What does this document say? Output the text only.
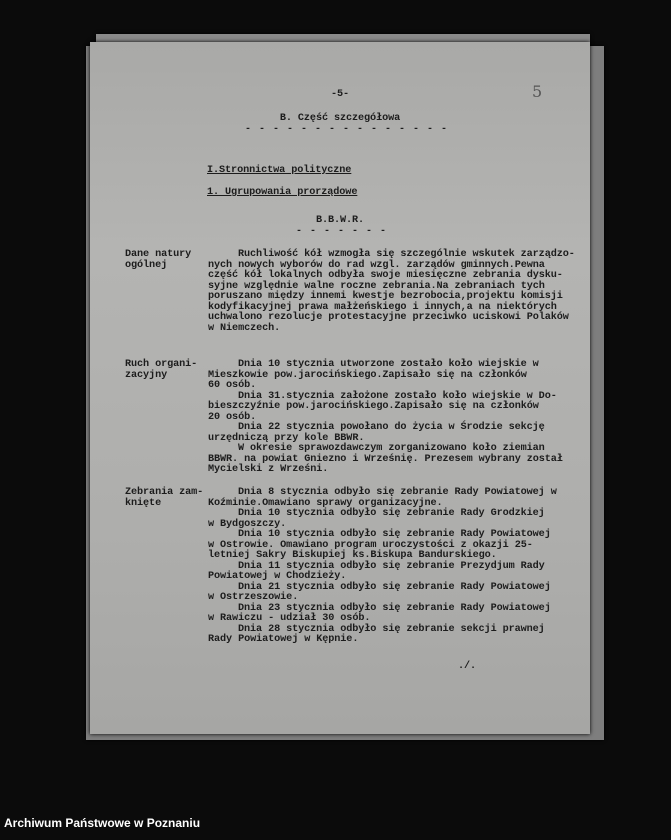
-5-	5
B. Część szczegółowa
- - - - - - - - - - - - - - -
I.Stronnictwa polityczne
1. Ugrupowania prorządowe
B.B.W.R.
- - - - - - -
Dane natury
ogólnej
Ruchliwość kół wzmogła się szczególnie wskutek zarządzo-
nych nowych wyborów do rad wzgl. zarządów gminnych.Pewna
część kół lokalnych odbyła swoje miesięczne zebrania dysku-
syjne względnie walne roczne zebrania.Na zebraniach tych
poruszano między innemi kwestje bezrobocia,projektu komisji
kodyfikacyjnej prawa małżeńskiego i innych,a na niektórych
uchwalono rezolucje protestacyjne przeciwko uciskowi Polaków
w Niemczech.
Ruch organi-
zacyjny
Dnia 10 stycznia utworzone zostało koło wiejskie w
Mieszkowie pow.jarocińskiego.Zapisało się na członków
60 osób.
Dnia 31.stycznia założone zostało koło wiejskie w Do-
bieszczyźnie pow.jarocińskiego.Zapisało się na członków
20 osób.
Dnia 22 stycznia powołano do życia w Środzie sekcję
urzędniczą przy kole BBWR.
W okresie sprawozdawczym zorganizowano koło ziemian
BBWR. na powiat Gniezno i Wrześnię. Prezesem wybrany został
Mycielski z Wrześni.
Zebrania zam-
knięte
Dnia 8 stycznia odbyło się zebranie Rady Powiatowej w
Koźminie.Omawiano sprawy organizacyjne.
Dnia 10 stycznia odbyło się zebranie Rady Grodzkiej
w Bydgoszczy.
Dnia 10 stycznia odbyło się zebranie Rady Powiatowej
w Ostrowie. Omawiano program uroczystości z okazji 25-
letniej Sakry Biskupiej ks.Biskupa Bandurskiego.
Dnia 11 stycznia odbyło się zebranie Prezydjum Rady
Powiatowej w Chodzieży.
Dnia 21 stycznia odbyło się zebranie Rady Powiatowej
w Ostrzeszowie.
Dnia 23 stycznia odbyło się zebranie Rady Powiatowej
w Rawiczu - udział 30 osób.
Dnia 28 stycznia odbyło się zebranie sekcji prawnej
Rady Powiatowej w Kępnie.
./.
Archiwum Państwowe w Poznaniu
